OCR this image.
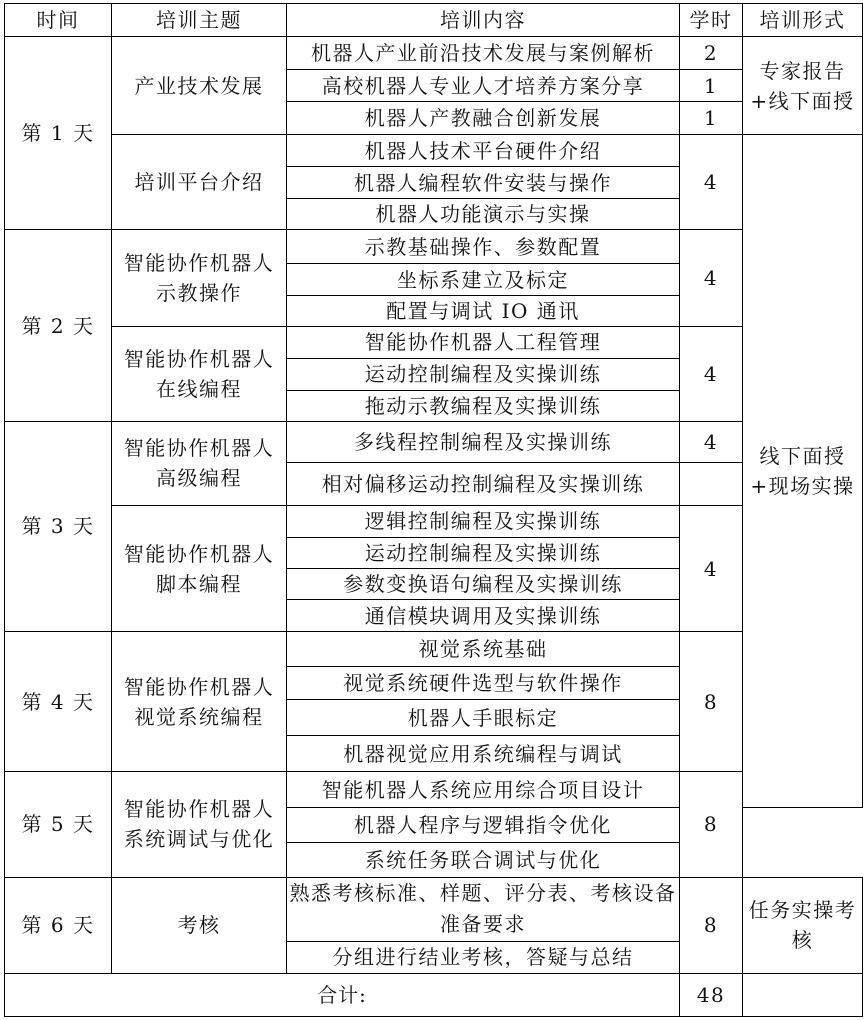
时间	培训主题	培训内容	学时	培训形式
第 1 天	产业技术发展	机器人产业前沿技术发展与案例解析	2	专家报告+线下面授
		高校机器人专业人才培养方案分享	1	
		机器人产教融合创新发展	1	
	培训平台介绍	机器人技术平台硬件介绍	4	线下面授+现场实操
		机器人编程软件安装与操作		
		机器人功能演示与实操		
第 2 天	智能协作机器人示教操作	示教基础操作、参数配置	4	
		坐标系建立及标定		
		配置与调试 IO 通讯		
	智能协作机器人在线编程	智能协作机器人工程管理	4	
		运动控制编程及实操训练		
		拖动示教编程及实操训练		
第 3 天	智能协作机器人高级编程	多线程控制编程及实操训练	4	
		相对偏移运动控制编程及实操训练		
	智能协作机器人脚本编程	逻辑控制编程及实操训练	4	
		运动控制编程及实操训练		
		参数变换语句编程及实操训练		
		通信模块调用及实操训练		
第 4 天	智能协作机器人视觉系统编程	视觉系统基础	8	
		视觉系统硬件选型与软件操作		
		机器人手眼标定		
		机器视觉应用系统编程与调试		
第 5 天	智能协作机器人系统调试与优化	智能机器人系统应用综合项目设计	8	
		机器人程序与逻辑指令优化		
		系统任务联合调试与优化		
第 6 天	考核	熟悉考核标准、样题、评分表、考核设备准备要求	8	任务实操考核
		分组进行结业考核，答疑与总结		
合计:			48	
